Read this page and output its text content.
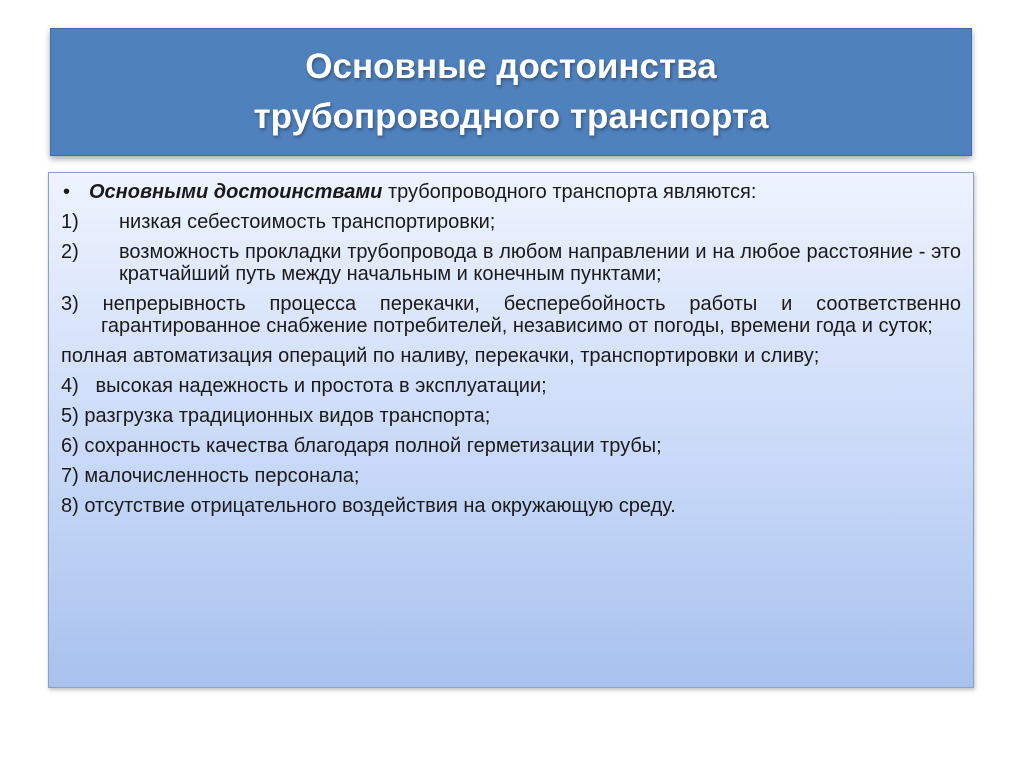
Основные достоинства
трубопроводного транспорта
• Основными достоинствами трубопроводного транспорта являются:
1) низкая себестоимость транспортировки;
2) возможность прокладки трубопровода в любом направлении и на любое расстояние - это кратчайший путь между начальным и конечным пунктами;
3) непрерывность процесса перекачки, бесперебойность работы и соответственно гарантированное снабжение потребителей, независимо от погоды, времени года и суток;
полная автоматизация операций по наливу, перекачки, транспортировки и сливу;
4)   высокая надежность и простота в эксплуатации;
5) разгрузка традиционных видов транспорта;
6) сохранность качества благодаря полной герметизации трубы;
7) малочисленность персонала;
8) отсутствие отрицательного воздействия на окружающую среду.
